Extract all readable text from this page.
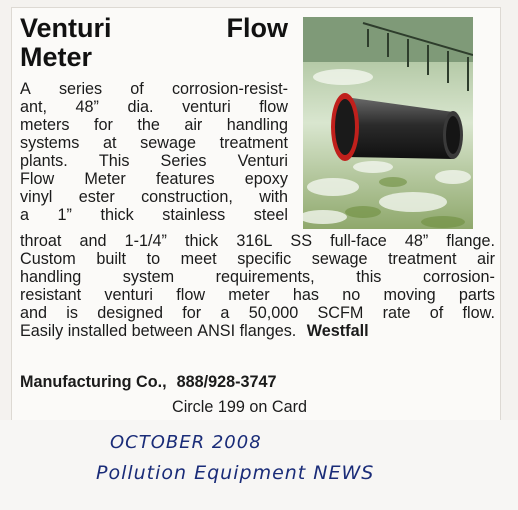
Venturi	Flow
Meter
A series of corrosion-resist-
ant, 48” dia. venturi flow
meters for the air handling
systems at sewage treatment
plants. This Series Venturi
Flow Meter features epoxy
vinyl ester construction, with
a 1” thick stainless steel
throat and 1-1/4” thick 316L SS full-face 48” flange.
Custom built to meet specific sewage treatment air
handling	system	requirements,	this	corrosion-
resistant venturi flow meter has no moving parts
and is designed for a 50,000 SCFM rate of flow.
Easily installed between ANSI flanges. Westfall
Manufacturing Co., 888/928-3747
Circle 199 on Card
OCTOBER 2008
Pollution Equipment NEWS
